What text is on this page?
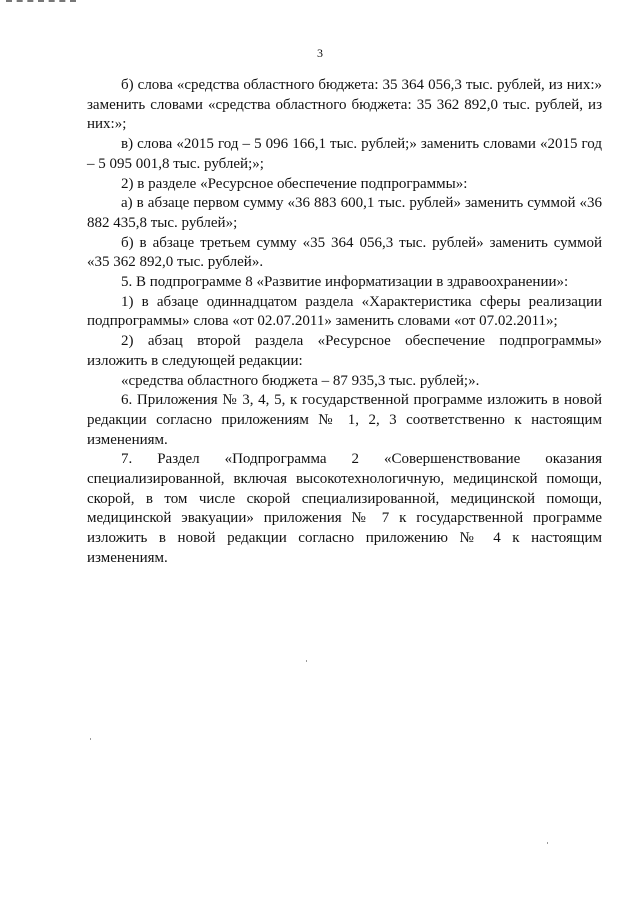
3

б) слова «средства областного бюджета: 35 364 056,3 тыс. рублей, из них:» заменить словами «средства областного бюджета: 35 362 892,0 тыс. рублей, из них:»;

в) слова «2015 год – 5 096 166,1 тыс. рублей;» заменить словами «2015 год – 5 095 001,8 тыс. рублей;»;

2) в разделе «Ресурсное обеспечение подпрограммы»:

а) в абзаце первом сумму «36 883 600,1 тыс. рублей» заменить суммой «36 882 435,8 тыс. рублей»;

б) в абзаце третьем сумму «35 364 056,3 тыс. рублей» заменить суммой «35 362 892,0 тыс. рублей».

5. В подпрограмме 8 «Развитие информатизации в здравоохранении»:

1) в абзаце одиннадцатом раздела «Характеристика сферы реализации подпрограммы» слова «от 02.07.2011» заменить словами «от 07.02.2011»;

2) абзац второй раздела «Ресурсное обеспечение подпрограммы» изложить в следующей редакции:

«средства областного бюджета – 87 935,3 тыс. рублей;».

6. Приложения № 3, 4, 5, к государственной программе изложить в новой редакции согласно приложениям № 1, 2, 3 соответственно к настоящим изменениям.

7. Раздел «Подпрограмма 2 «Совершенствование оказания специализированной, включая высокотехнологичную, медицинской помощи, скорой, в том числе скорой специализированной, медицинской помощи, медицинской эвакуации» приложения № 7 к государственной программе изложить в новой редакции согласно приложению № 4 к настоящим изменениям.
